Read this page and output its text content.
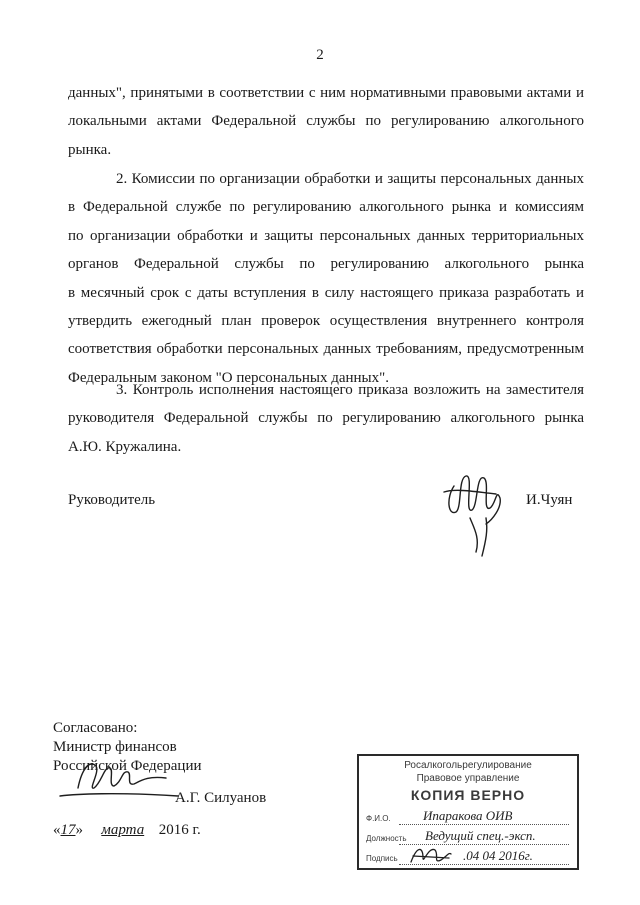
2
данных", принятыми в соответствии с ним нормативными правовыми актами и
локальными актами Федеральной службы по регулированию алкогольного
рынка.
2. Комиссии по организации обработки и защиты персональных данных
в Федеральной службе по регулированию алкогольного рынка и комиссиям
по организации обработки и защиты персональных данных территориальных
органов Федеральной службы по регулированию алкогольного рынка
в месячный срок с даты вступления в силу настоящего приказа разработать и
утвердить ежегодный план проверок осуществления внутреннего контроля
соответствия обработки персональных данных требованиям, предусмотренным
Федеральным законом "О персональных данных".
3. Контроль исполнения настоящего приказа возложить на заместителя
руководителя Федеральной службы по регулированию алкогольного рынка
А.Ю. Кружалина.
Руководитель	И.Чуян
Согласовано:
Министр финансов
Российской Федерации
А.Г. Силуанов
«17» марта 2016 г.
Росалкогольрегулирование
Правовое управление
КОПИЯ ВЕРНО
Ф.И.О. Ипаракова ОИВ
Должность Ведущий спец.-эксп.
Подпись	.04 04 2016г.
